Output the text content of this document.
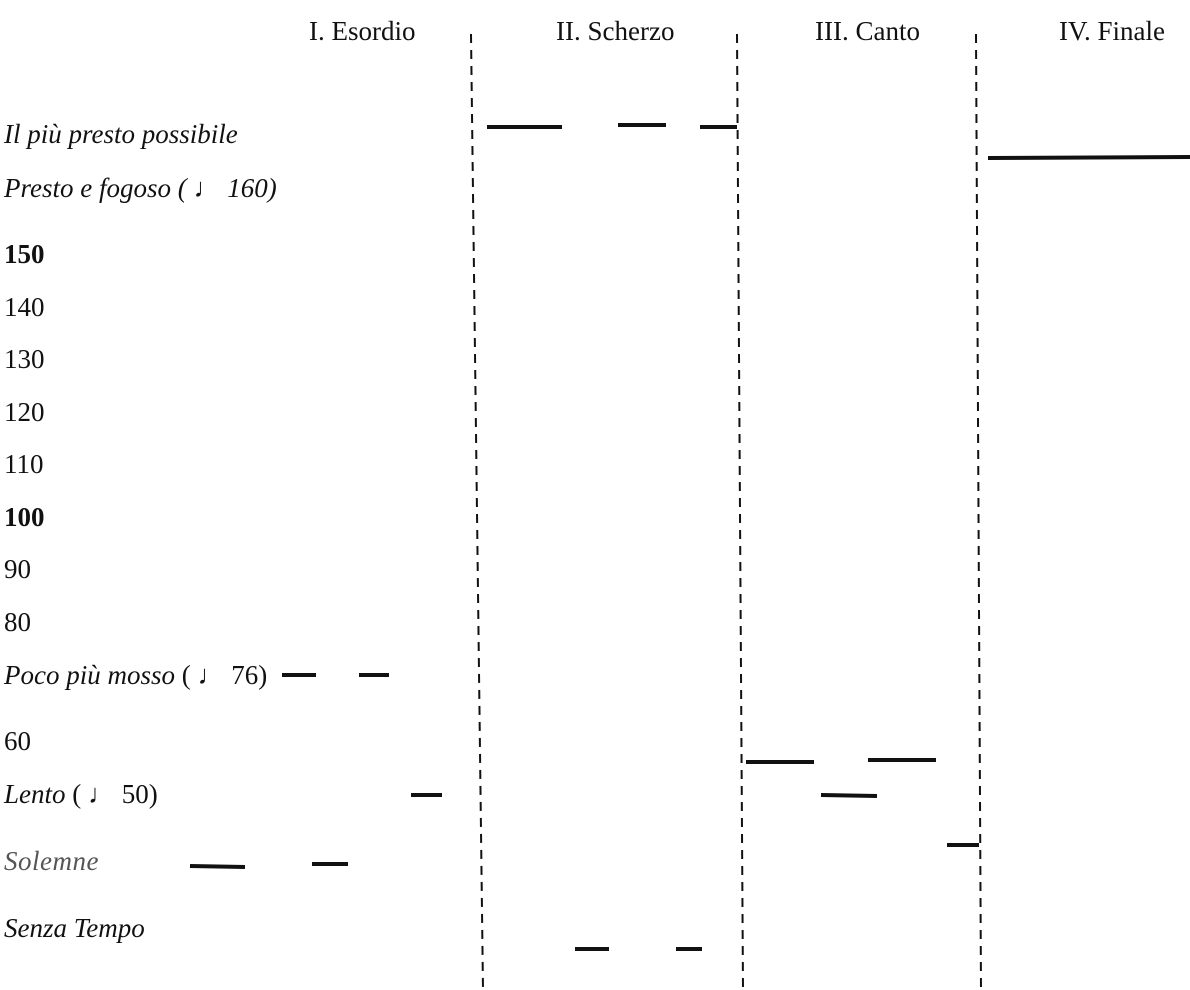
I. Esordio	II. Scherzo	III. Canto	IV. Finale
Il più presto possibile
Presto e fogoso ( ♩ 160)
150
140
130
120
110
100
90
80
Poco più mosso ( ♩ 76)
60
Lento ( ♩ 50)
Solemne
Senza Tempo
